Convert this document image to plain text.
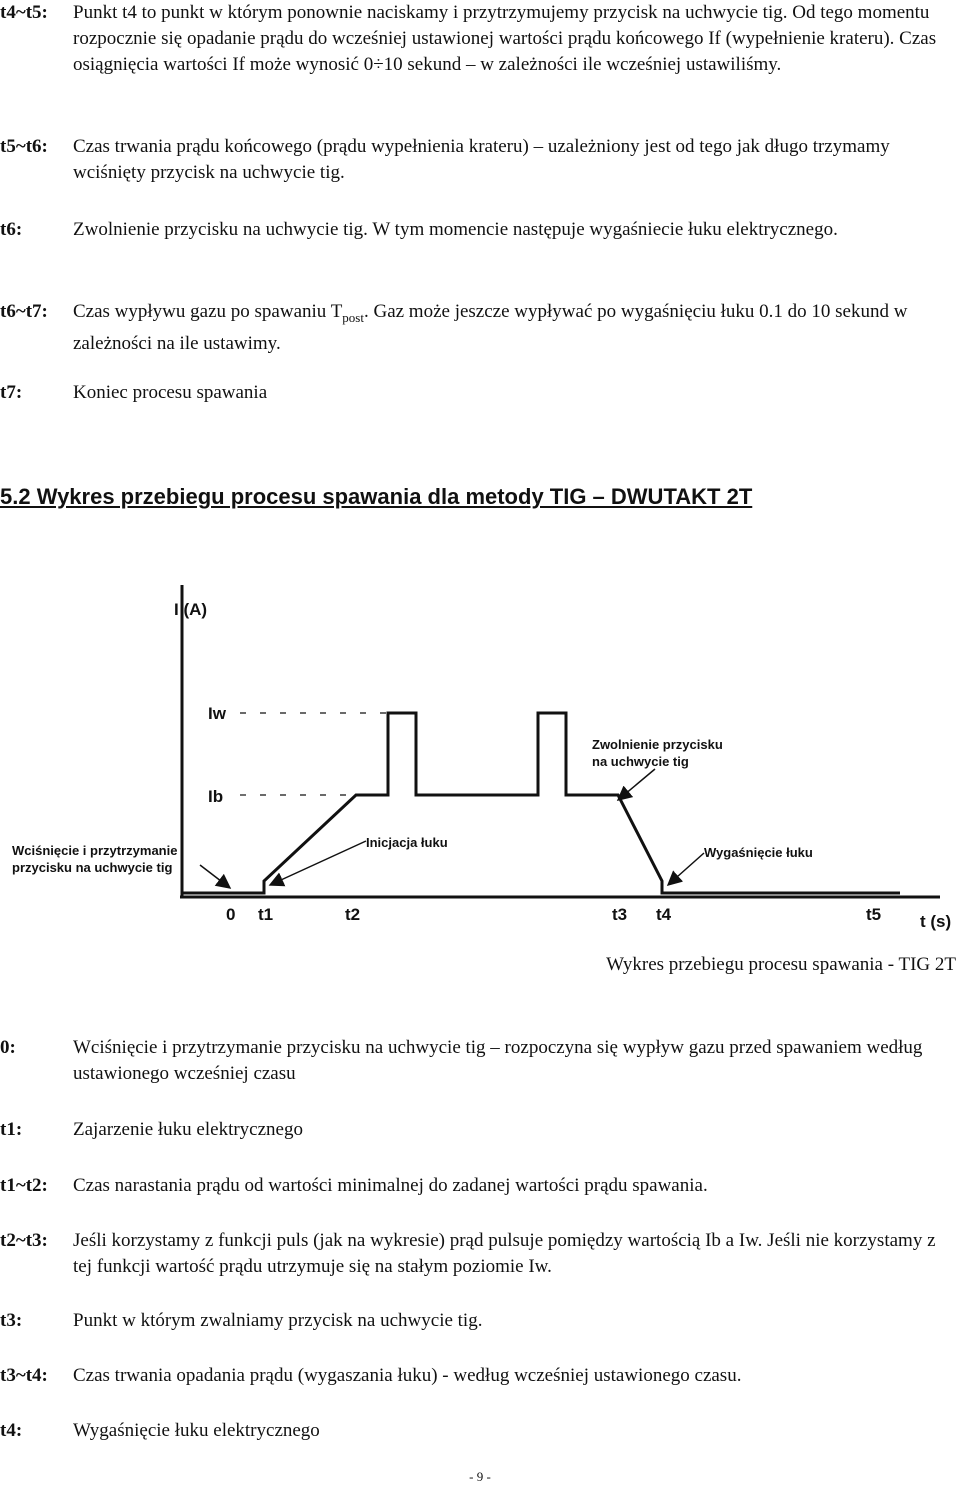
t4~t5: Punkt t4 to punkt w którym ponownie naciskamy i przytrzymujemy przycisk na uchwycie tig. Od tego momentu rozpocznie się opadanie prądu do wcześniej ustawionej wartości prądu końcowego If (wypełnienie krateru). Czas osiągnięcia wartości If może wynosić 0÷10 sekund – w zależności ile wcześniej ustawiliśmy.
t5~t6: Czas trwania prądu końcowego (prądu wypełnienia krateru) – uzależniony jest od tego jak długo trzymamy wciśnięty przycisk na uchwycie tig.
t6:	Zwolnienie przycisku na uchwycie tig. W tym momencie następuje wygaśniecie łuku elektrycznego.
t6~t7: Czas wypływu gazu po spawaniu $T_{post}$. Gaz może jeszcze wypływać po wygaśnięciu łuku 0.1 do 10 sekund w zależności na ile ustawimy.
t7:	Koniec procesu spawania
5.2 Wykres przebiegu procesu spawania dla metody TIG – DWUTAKT 2T
I (A)
t (s)
Iw
Ib
0 t1	t2	t3 t4	t5
Wciśnięcie i przytrzymanie
przycisku na uchwycie tig
Inicjacja łuku
Zwolnienie przycisku
na uchwycie tig
Wygaśnięcie łuku
Wykres przebiegu procesu spawania - TIG 2T
0:	Wciśnięcie i przytrzymanie przycisku na uchwycie tig – rozpoczyna się wypływ gazu przed spawaniem według ustawionego wcześniej czasu
t1:	Zajarzenie łuku elektrycznego
t1~t2: Czas narastania prądu od wartości minimalnej do zadanej wartości prądu spawania.
t2~t3: Jeśli korzystamy z funkcji puls (jak na wykresie) prąd pulsuje pomiędzy wartością Ib a Iw. Jeśli nie korzystamy z tej funkcji wartość prądu utrzymuje się na stałym poziomie Iw.
t3:	Punkt w którym zwalniamy przycisk na uchwycie tig.
t3~t4: Czas trwania opadania prądu (wygaszania łuku) - według wcześniej ustawionego czasu.
t4:	Wygaśnięcie łuku elektrycznego
- 9 -
